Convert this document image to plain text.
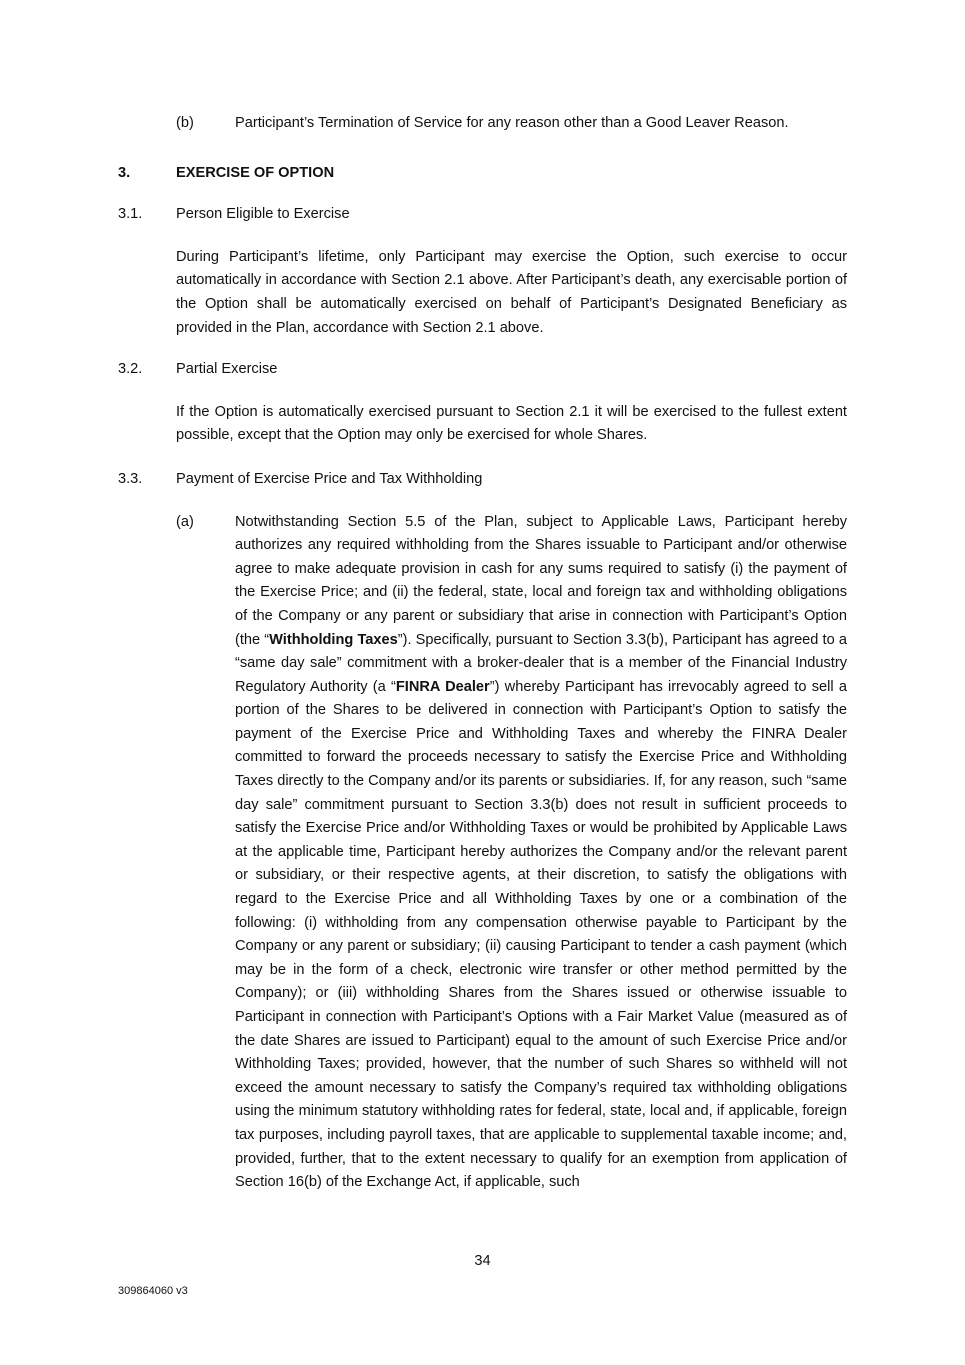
(b)	Participant’s Termination of Service for any reason other than a Good Leaver Reason.
3.	EXERCISE OF OPTION
3.1.	Person Eligible to Exercise
During Participant’s lifetime, only Participant may exercise the Option, such exercise to occur automatically in accordance with Section 2.1 above. After Participant’s death, any exercisable portion of the Option shall be automatically exercised on behalf of Participant’s Designated Beneficiary as provided in the Plan, accordance with Section 2.1 above.
3.2.	Partial Exercise
If the Option is automatically exercised pursuant to Section 2.1 it will be exercised to the fullest extent possible, except that the Option may only be exercised for whole Shares.
3.3.	Payment of Exercise Price and Tax Withholding
(a)	Notwithstanding Section 5.5 of the Plan, subject to Applicable Laws, Participant hereby authorizes any required withholding from the Shares issuable to Participant and/or otherwise agree to make adequate provision in cash for any sums required to satisfy (i) the payment of the Exercise Price; and (ii) the federal, state, local and foreign tax and withholding obligations of the Company or any parent or subsidiary that arise in connection with Participant’s Option (the “Withholding Taxes”). Specifically, pursuant to Section 3.3(b), Participant has agreed to a “same day sale” commitment with a broker-dealer that is a member of the Financial Industry Regulatory Authority (a “FINRA Dealer”) whereby Participant has irrevocably agreed to sell a portion of the Shares to be delivered in connection with Participant’s Option to satisfy the payment of the Exercise Price and Withholding Taxes and whereby the FINRA Dealer committed to forward the proceeds necessary to satisfy the Exercise Price and Withholding Taxes directly to the Company and/or its parents or subsidiaries. If, for any reason, such “same day sale” commitment pursuant to Section 3.3(b) does not result in sufficient proceeds to satisfy the Exercise Price and/or Withholding Taxes or would be prohibited by Applicable Laws at the applicable time, Participant hereby authorizes the Company and/or the relevant parent or subsidiary, or their respective agents, at their discretion, to satisfy the obligations with regard to the Exercise Price and all Withholding Taxes by one or a combination of the following: (i) withholding from any compensation otherwise payable to Participant by the Company or any parent or subsidiary; (ii) causing Participant to tender a cash payment (which may be in the form of a check, electronic wire transfer or other method permitted by the Company); or (iii) withholding Shares from the Shares issued or otherwise issuable to Participant in connection with Participant’s Options with a Fair Market Value (measured as of the date Shares are issued to Participant) equal to the amount of such Exercise Price and/or Withholding Taxes; provided, however, that the number of such Shares so withheld will not exceed the amount necessary to satisfy the Company’s required tax withholding obligations using the minimum statutory withholding rates for federal, state, local and, if applicable, foreign tax purposes, including payroll taxes, that are applicable to supplemental taxable income; and, provided, further, that to the extent necessary to qualify for an exemption from application of Section 16(b) of the Exchange Act, if applicable, such
34
309864060 v3
